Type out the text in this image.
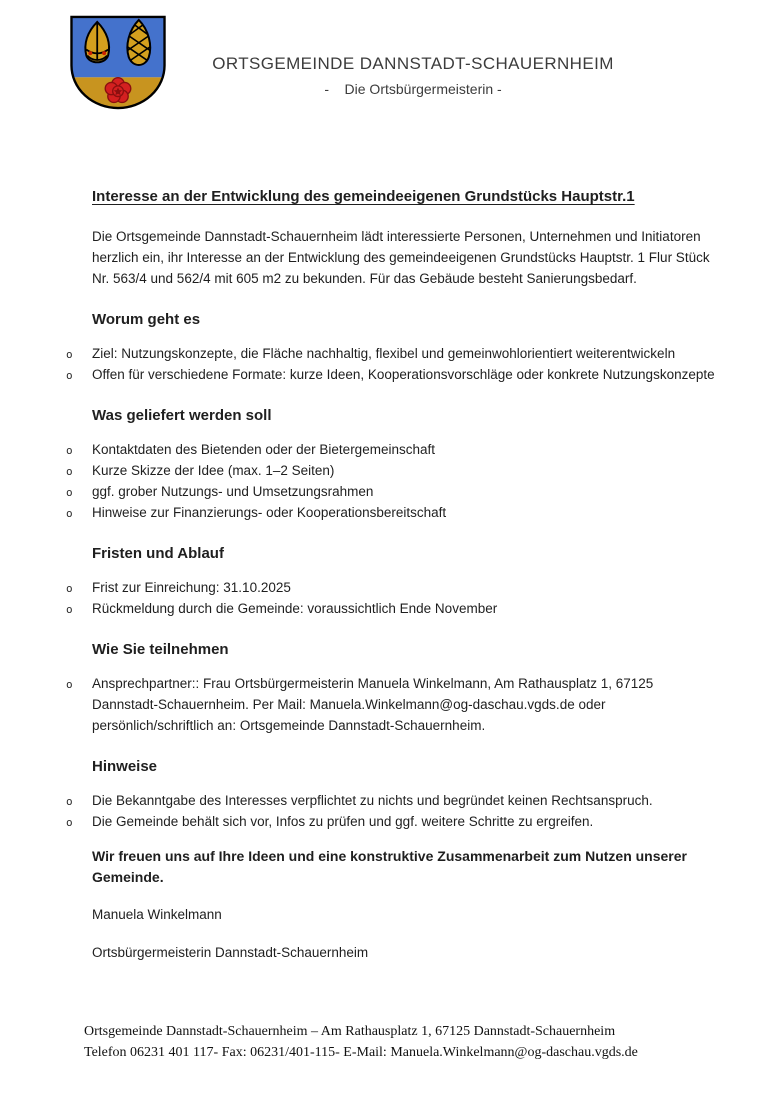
ORTSGEMEINDE DANNSTADT-SCHAUERNHEIM
-    Die Ortsbürgermeisterin -
Interesse an der Entwicklung des gemeindeeigenen Grundstücks Hauptstr.1

Die Ortsgemeinde Dannstadt-Schauernheim lädt interessierte Personen, Unternehmen und Initiatoren herzlich ein, ihr Interesse an der Entwicklung des gemeindeeigenen Grundstücks Hauptstr. 1 Flur Stück Nr. 563/4 und 562/4 mit 605 m2 zu bekunden. Für das Gebäude besteht Sanierungsbedarf.

Worum geht es
o Ziel: Nutzungskonzepte, die Fläche nachhaltig, flexibel und gemeinwohlorientiert weiterentwickeln
o Offen für verschiedene Formate: kurze Ideen, Kooperationsvorschläge oder konkrete Nutzungskonzepte
Was geliefert werden soll
o Kontaktdaten des Bietenden oder der Bietergemeinschaft
o Kurze Skizze der Idee (max. 1–2 Seiten)
o ggf. grober Nutzungs- und Umsetzungsrahmen
o Hinweise zur Finanzierungs- oder Kooperationsbereitschaft
Fristen und Ablauf
o Frist zur Einreichung: 31.10.2025
o Rückmeldung durch die Gemeinde: voraussichtlich Ende November
Wie Sie teilnehmen
o Ansprechpartner:: Frau Ortsbürgermeisterin Manuela Winkelmann, Am Rathausplatz 1, 67125 Dannstadt-Schauernheim. Per Mail: Manuela.Winkelmann@og-daschau.vgds.de oder persönlich/schriftlich an: Ortsgemeinde Dannstadt-Schauernheim.
Hinweise
o Die Bekanntgabe des Interesses verpflichtet zu nichts und begründet keinen Rechtsanspruch.
o Die Gemeinde behält sich vor, Infos zu prüfen und ggf. weitere Schritte zu ergreifen.

Wir freuen uns auf Ihre Ideen und eine konstruktive Zusammenarbeit zum Nutzen unserer Gemeinde.

Manuela Winkelmann

Ortsbürgermeisterin Dannstadt-Schauernheim

Ortsgemeinde Dannstadt-Schauernheim – Am Rathausplatz 1, 67125 Dannstadt-Schauernheim
Telefon 06231 401 117- Fax: 06231/401-115- E-Mail: Manuela.Winkelmann@og-daschau.vgds.de
